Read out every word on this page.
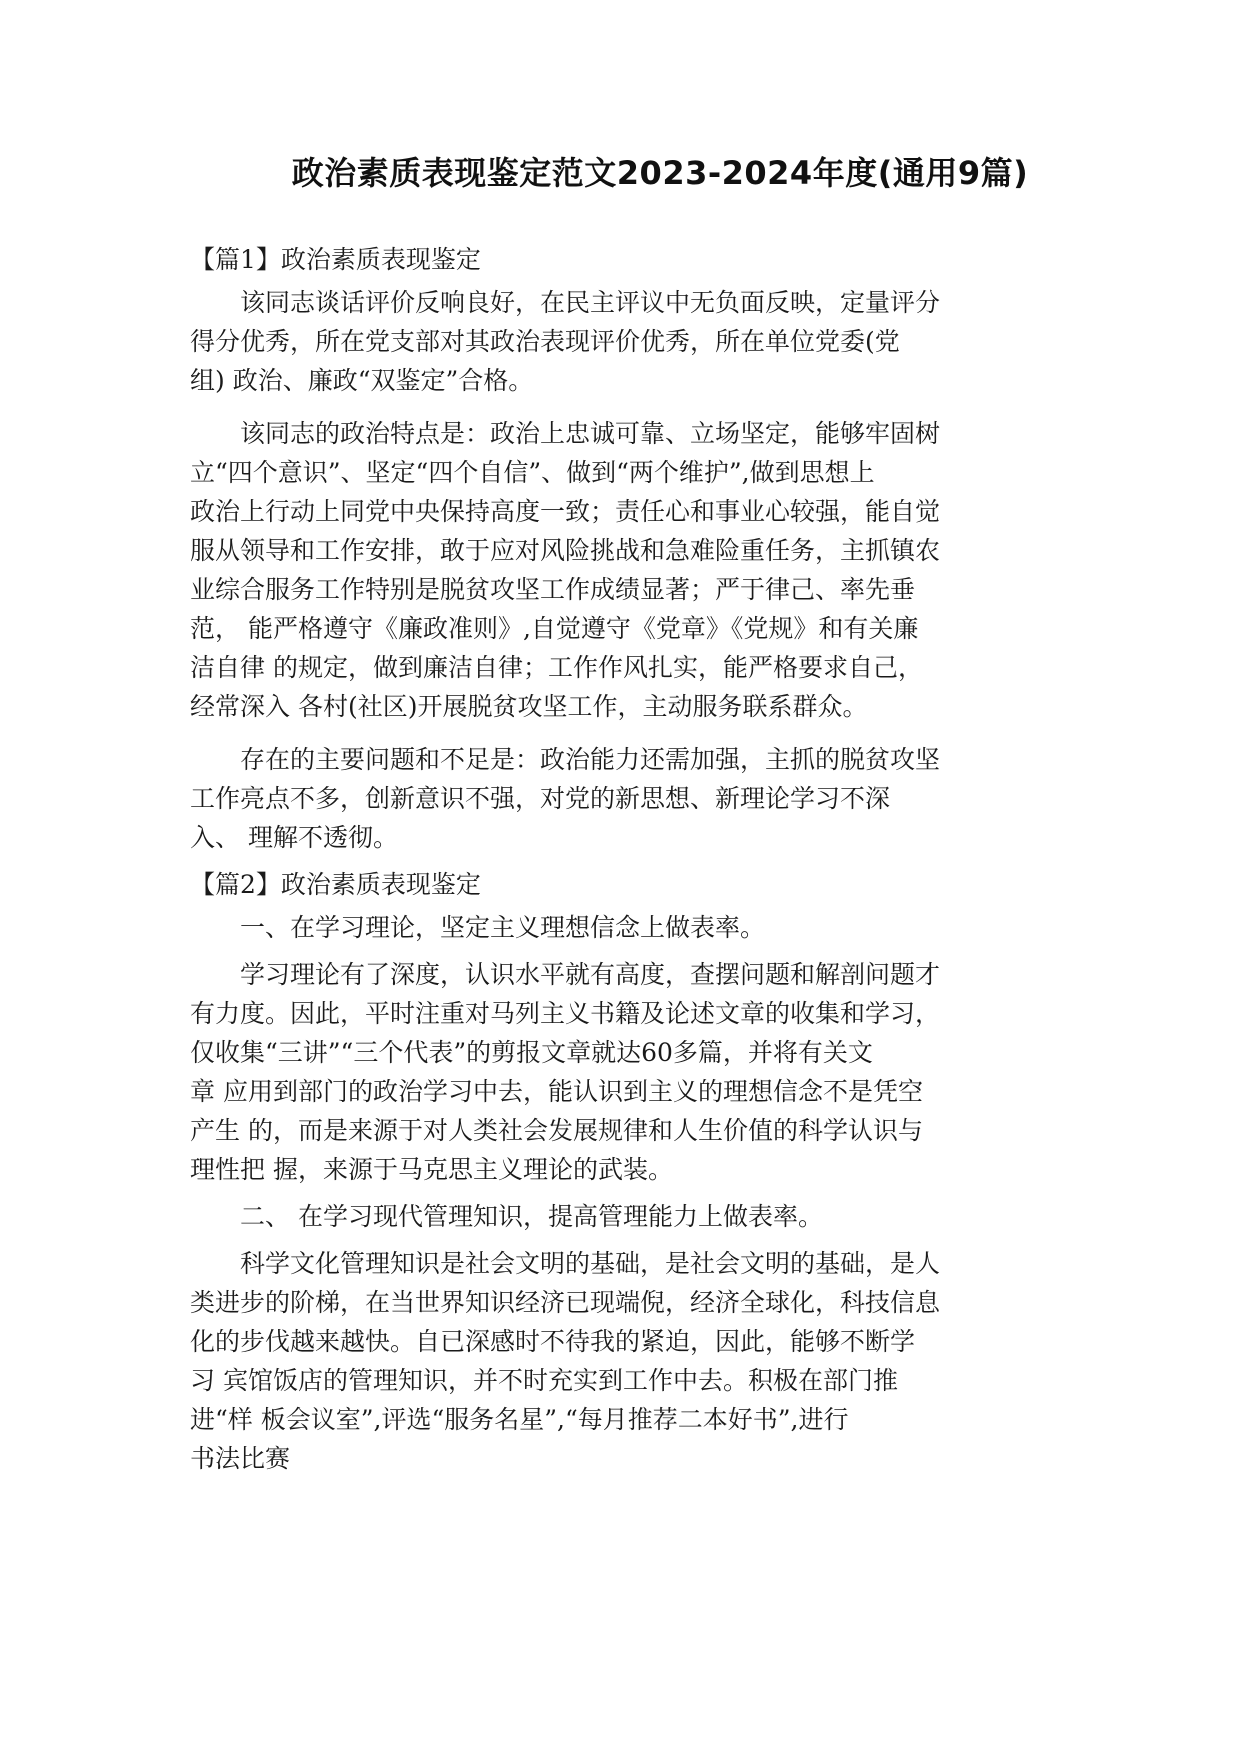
政治素质表现鉴定范文2023-2024年度(通用9篇)
【篇1】政治素质表现鉴定
该同志谈话评价反响良好，在民主评议中无负面反映，定量评分
得分优秀，所在党支部对其政治表现评价优秀，所在单位党委(党
组) 政治、廉政“双鉴定”合格。
该同志的政治特点是：政治上忠诚可靠、立场坚定，能够牢固树
立“四个意识”、坚定“四个自信”、做到“两个维护”,做到思想上
政治上行动上同党中央保持高度一致；责任心和事业心较强，能自觉
服从领导和工作安排，敢于应对风险挑战和急难险重任务，主抓镇农
业综合服务工作特别是脱贫攻坚工作成绩显著；严于律己、率先垂
范， 能严格遵守《廉政准则》,自觉遵守《党章》《党规》和有关廉
洁自律 的规定，做到廉洁自律；工作作风扎实，能严格要求自己，
经常深入 各村(社区)开展脱贫攻坚工作，主动服务联系群众。
存在的主要问题和不足是：政治能力还需加强，主抓的脱贫攻坚
工作亮点不多，创新意识不强，对党的新思想、新理论学习不深
入、 理解不透彻。
【篇2】政治素质表现鉴定
一、在学习理论，坚定主义理想信念上做表率。
学习理论有了深度，认识水平就有高度，查摆问题和解剖问题才
有力度。因此，平时注重对马列主义书籍及论述文章的收集和学习，
仅收集“三讲”“三个代表”的剪报文章就达60多篇，并将有关文
章 应用到部门的政治学习中去，能认识到主义的理想信念不是凭空
产生 的，而是来源于对人类社会发展规律和人生价值的科学认识与
理性把 握，来源于马克思主义理论的武装。
二、 在学习现代管理知识，提高管理能力上做表率。
科学文化管理知识是社会文明的基础，是社会文明的基础，是人
类进步的阶梯，在当世界知识经济已现端倪，经济全球化，科技信息
化的步伐越来越快。自已深感时不待我的紧迫，因此，能够不断学
习 宾馆饭店的管理知识，并不时充实到工作中去。积极在部门推
进“样 板会议室”,评选“服务名星”,“每月推荐二本好书”,进行
书法比赛
